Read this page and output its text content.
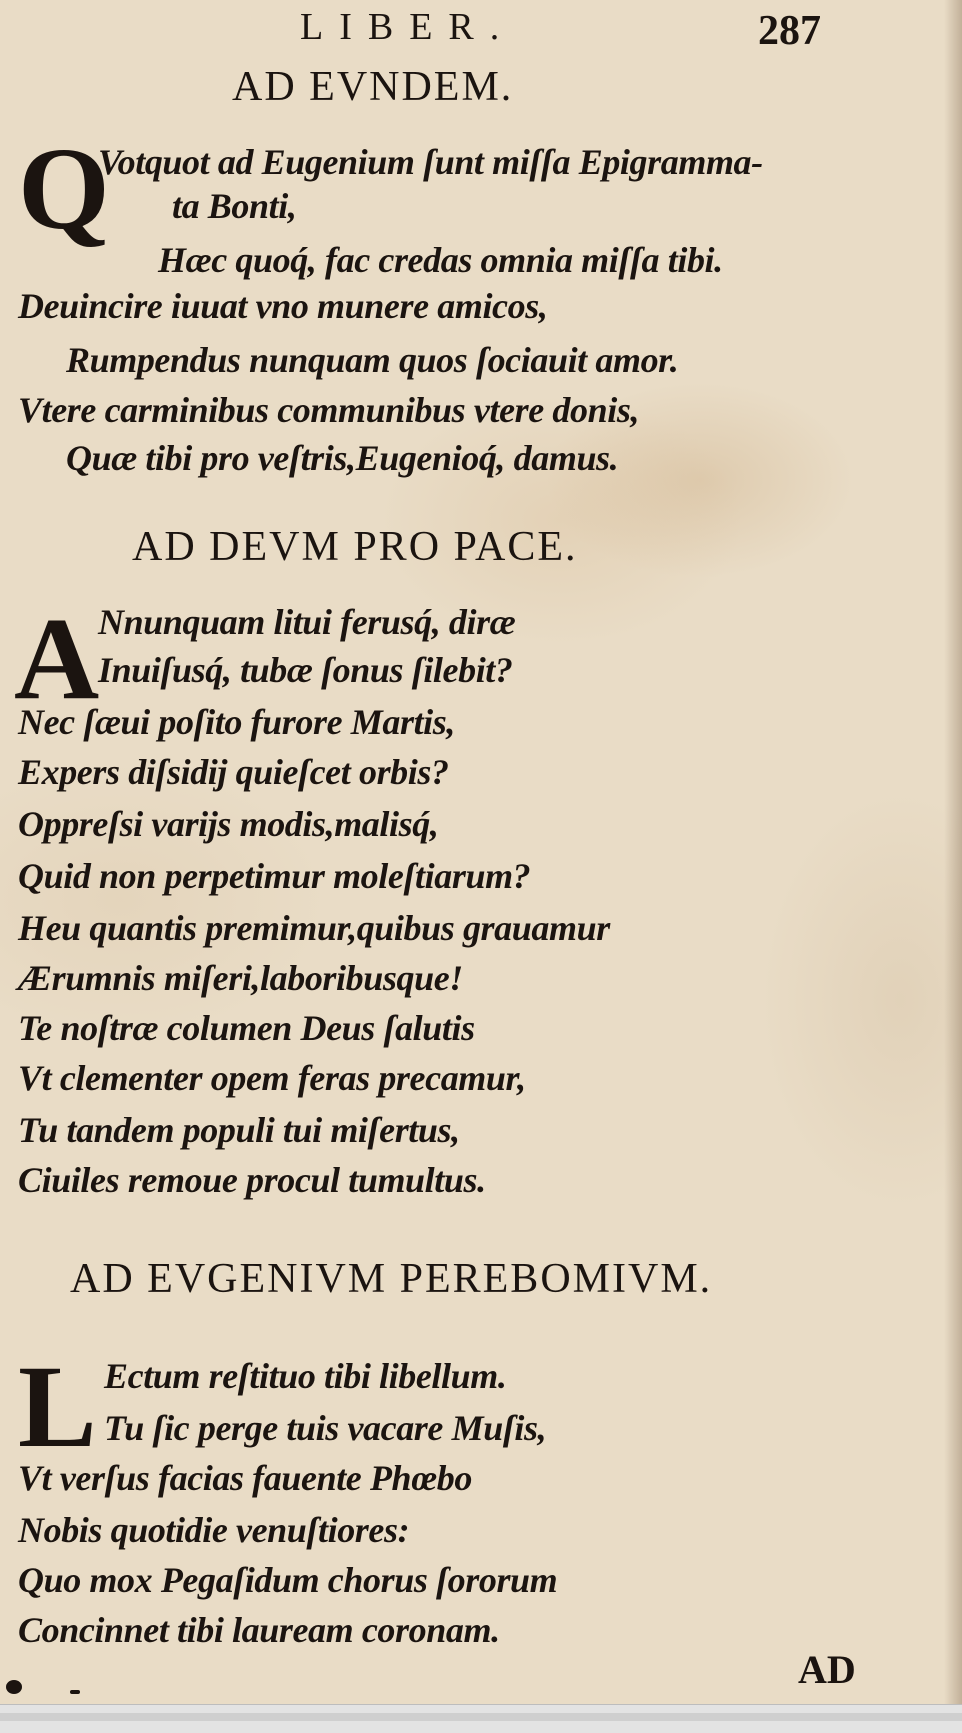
LIBER.	287
AD EVNDEM.
Q
Votquot ad Eugenium ſunt miſſa Epigramma-
ta Bonti,
Hæc quoq́, fac credas omnia miſſa tibi.
Deuincire iuuat vno munere amicos,
Rumpendus nunquam quos ſociauit amor.
Vtere carminibus communibus vtere donis,
Quæ tibi pro veſtris,Eugenioq́, damus.
AD DEVM PRO PACE.
A
Nnunquam litui ferusq́, diræ
Inuiſusq́, tubæ ſonus ſilebit?
Nec ſæui poſito furore Martis,
Expers diſsidij quieſcet orbis?
Oppreſsi varijs modis,malisq́,
Quid non perpetimur moleſtiarum?
Heu quantis premimur,quibus grauamur
Ærumnis miſeri,laboribusque!
Te noſtræ columen Deus ſalutis
Vt clementer opem feras precamur,
Tu tandem populi tui miſertus,
Ciuiles remoue procul tumultus.
AD EVGENIVM PEREBOMIVM.
L Ectum reſtituo tibi libellum.
Tu ſic perge tuis vacare Muſis,
Vt verſus facias fauente Phœbo
Nobis quotidie venuſtiores:
Quo mox Pegaſidum chorus ſororum
Concinnet tibi lauream coronam.
AD
